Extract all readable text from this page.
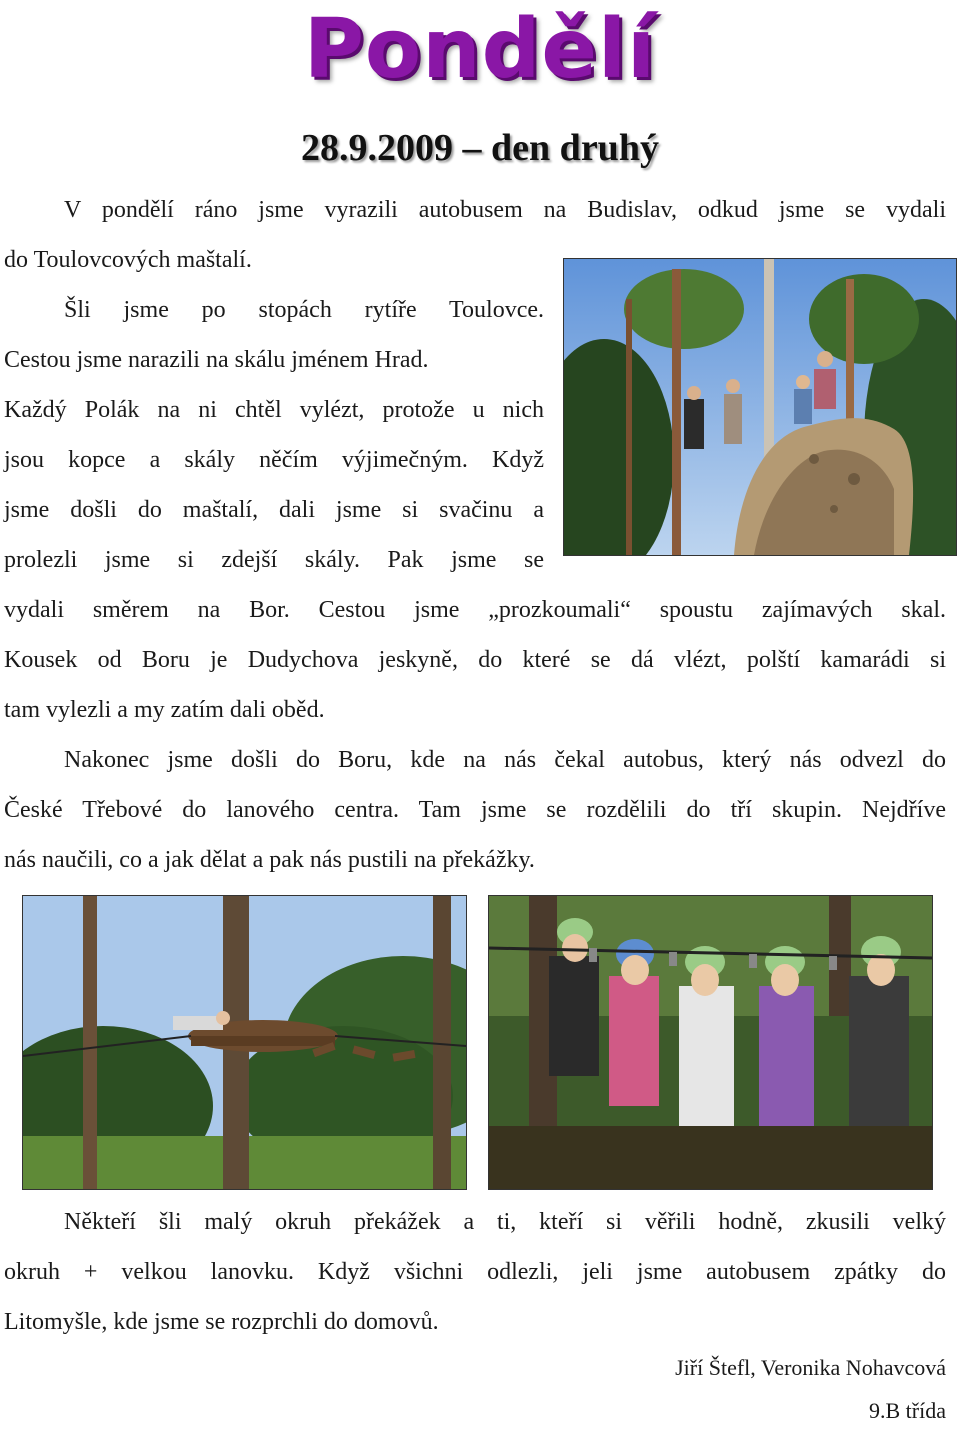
Pondělí
28.9.2009 – den druhý

V pondělí ráno jsme vyrazili autobusem na Budislav, odkud jsme se vydali

do Toulovcových maštalí.

Šli jsme po stopách rytíře Toulovce.

Cestou jsme narazili na skálu jménem Hrad.

Každý Polák na ni chtěl vylézt, protože u nich

jsou kopce a skály něčím výjimečným. Když

jsme došli do maštalí, dali jsme si svačinu a

prolezli jsme si zdejší skály. Pak jsme se

vydali směrem na Bor. Cestou jsme „prozkoumali“ spoustu zajímavých skal.

Kousek od Boru je Dudychova jeskyně, do které se dá vlézt, polští kamarádi si

tam vylezli a my zatím dali oběd.

Nakonec jsme došli do Boru, kde na nás čekal autobus, který nás odvezl do

České Třebové do lanového centra. Tam jsme se rozdělili do tří skupin. Nejdříve

nás naučili, co a jak dělat a pak nás pustili na překážky.

Někteří šli malý okruh překážek a ti, kteří si věřili hodně, zkusili velký

okruh + velkou lanovku. Když všichni odlezli, jeli jsme autobusem zpátky do

Litomyšle, kde jsme se rozprchli do domovů.

Jiří Štefl, Veronika Nohavcová

9.B třída
